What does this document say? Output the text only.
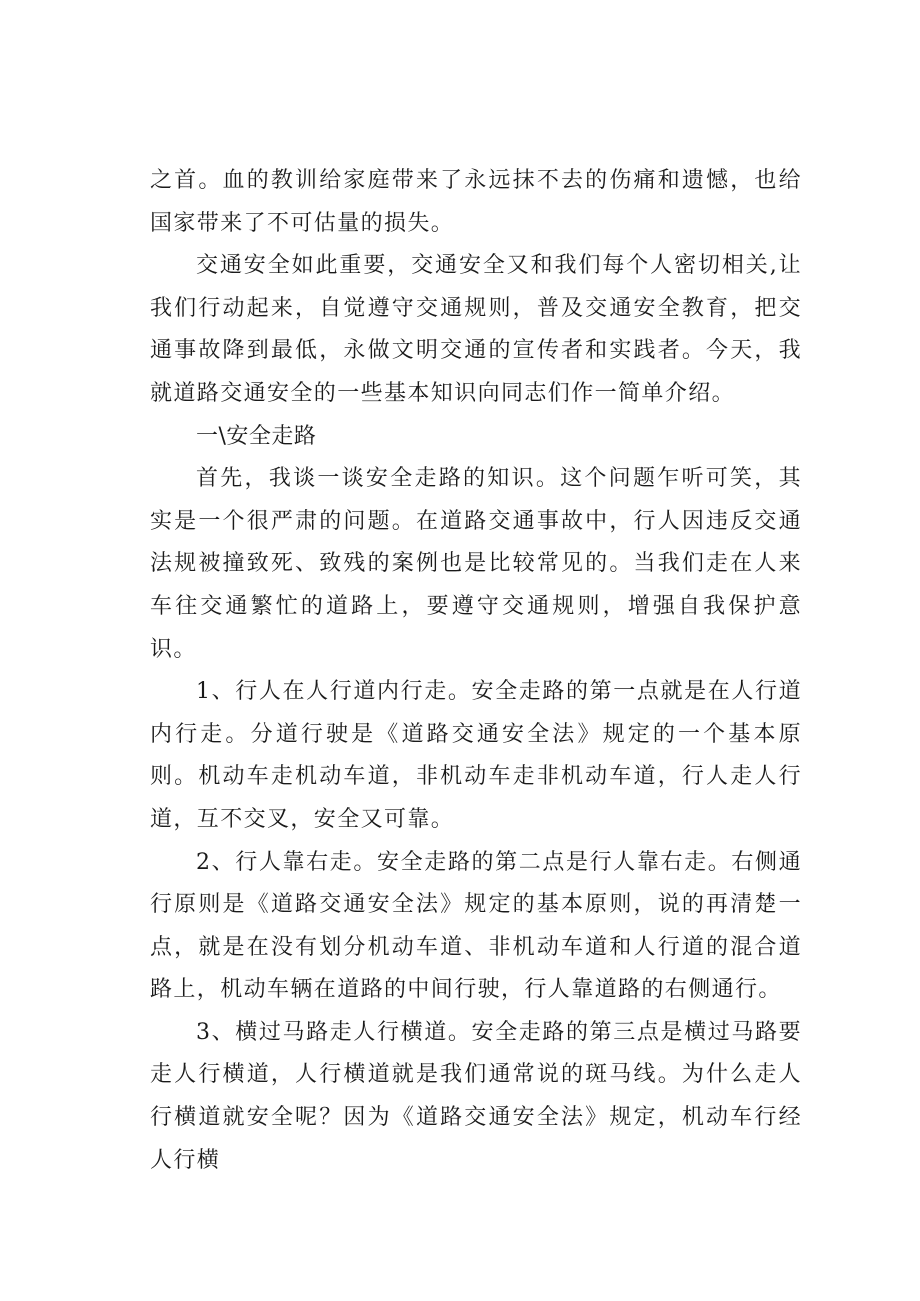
之首。血的教训给家庭带来了永远抹不去的伤痛和遗憾，也给国家带来了不可估量的损失。

交通安全如此重要，交通安全又和我们每个人密切相关,让我们行动起来，自觉遵守交通规则，普及交通安全教育，把交通事故降到最低，永做文明交通的宣传者和实践者。今天，我就道路交通安全的一些基本知识向同志们作一简单介绍。

一\安全走路

首先，我谈一谈安全走路的知识。这个问题乍听可笑，其实是一个很严肃的问题。在道路交通事故中，行人因违反交通法规被撞致死、致残的案例也是比较常见的。当我们走在人来车往交通繁忙的道路上，要遵守交通规则，增强自我保护意识。

1、行人在人行道内行走。安全走路的第一点就是在人行道内行走。分道行驶是《道路交通安全法》规定的一个基本原则。机动车走机动车道，非机动车走非机动车道，行人走人行道，互不交叉，安全又可靠。

2、行人靠右走。安全走路的第二点是行人靠右走。右侧通行原则是《道路交通安全法》规定的基本原则，说的再清楚一点，就是在没有划分机动车道、非机动车道和人行道的混合道路上，机动车辆在道路的中间行驶，行人靠道路的右侧通行。

3、横过马路走人行横道。安全走路的第三点是横过马路要走人行横道，人行横道就是我们通常说的斑马线。为什么走人行横道就安全呢？因为《道路交通安全法》规定，机动车行经人行横
